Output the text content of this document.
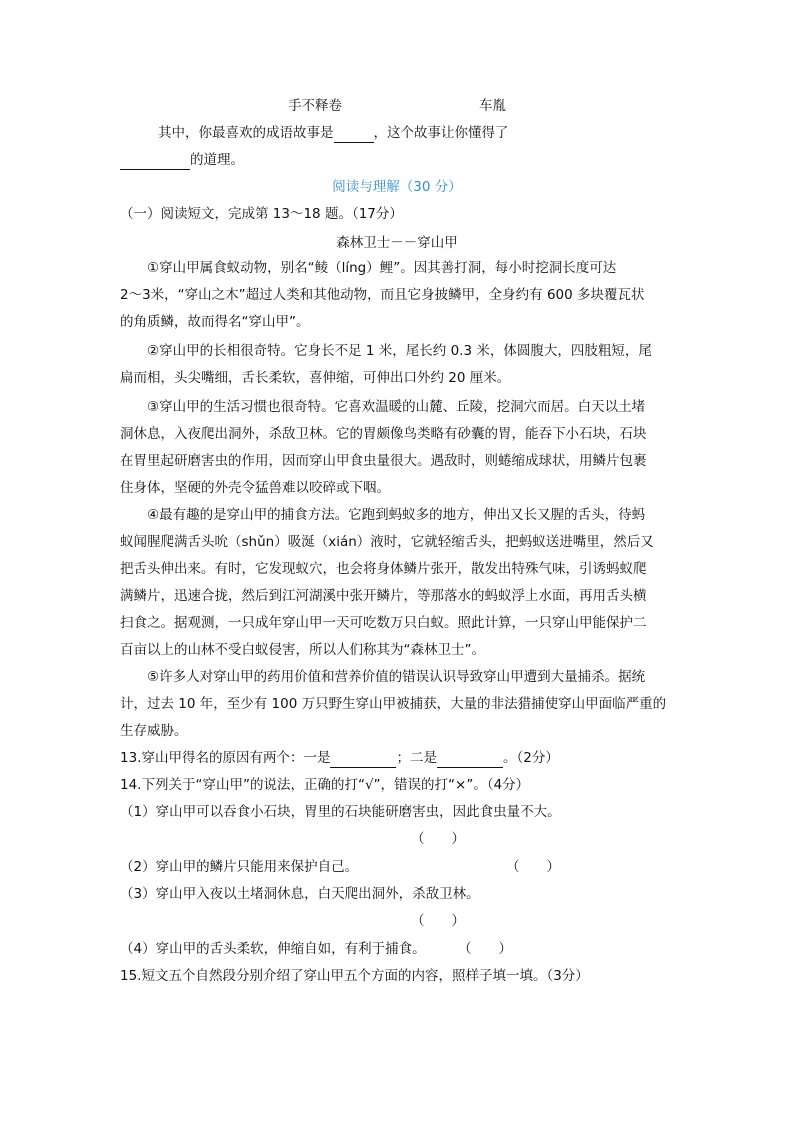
手不释卷	车胤
其中，你最喜欢的成语故事是	，这个故事让你懂得了
的道理。
阅读与理解（30 分）
（一）阅读短文，完成第 13～18 题。（17分）
森林卫士－－穿山甲
①穿山甲属食蚁动物，别名“鲮（líng）鲤”。因其善打洞，每小时挖洞长度可达
2～3米，“穿山之木”超过人类和其他动物，而且它身披鳞甲，全身约有 600 多块覆瓦状
的角质鳞，故而得名“穿山甲”。
②穿山甲的长相很奇特。它身长不足 1 米，尾长约 0.3 米，体圆腹大，四肢粗短，尾
扁而相，头尖嘴细，舌长柔软，喜伸缩，可伸出口外约 20 厘米。
③穿山甲的生活习惯也很奇特。它喜欢温暖的山麓、丘陵，挖洞穴而居。白天以土堵
洞休息，入夜爬出洞外，杀敌卫林。它的胃颇像鸟类略有砂囊的胃，能吞下小石块，石块
在胃里起研磨害虫的作用，因而穿山甲食虫量很大。遇敌时，则蜷缩成球状，用鳞片包裹
住身体，坚硬的外壳令猛兽难以咬碎或下咽。
④最有趣的是穿山甲的捕食方法。它跑到蚂蚁多的地方，伸出又长又腥的舌头，待蚂
蚁闻腥爬满舌头吮（shǔn）吸涎（xián）液时，它就轻缩舌头，把蚂蚁送进嘴里，然后又
把舌头伸出来。有时，它发现蚁穴，也会将身体鳞片张开，散发出特殊气味，引诱蚂蚁爬
满鳞片，迅速合拢，然后到江河湖溪中张开鳞片，等那落水的蚂蚁浮上水面，再用舌头横
扫食之。据观测，一只成年穿山甲一天可吃数万只白蚁。照此计算，一只穿山甲能保护二
百亩以上的山林不受白蚁侵害，所以人们称其为“森林卫士”。
⑤许多人对穿山甲的药用价值和营养价值的错误认识导致穿山甲遭到大量捕杀。据统
计，过去 10 年，至少有 100 万只野生穿山甲被捕获，大量的非法猎捕使穿山甲面临严重的
生存威胁。
13.穿山甲得名的原因有两个：一是	；二是	。（2分）
14.下列关于“穿山甲”的说法，正确的打“√”，错误的打“×”。（4分）
（1）穿山甲可以吞食小石块，胃里的石块能研磨害虫，因此食虫量不大。
（　　）
（2）穿山甲的鳞片只能用来保护自己。	（　　）
（3）穿山甲入夜以土堵洞休息，白天爬出洞外，杀敌卫林。
（　　）
（4）穿山甲的舌头柔软，伸缩自如，有利于捕食。 （　　）
15.短文五个自然段分别介绍了穿山甲五个方面的内容，照样子填一填。（3分）
